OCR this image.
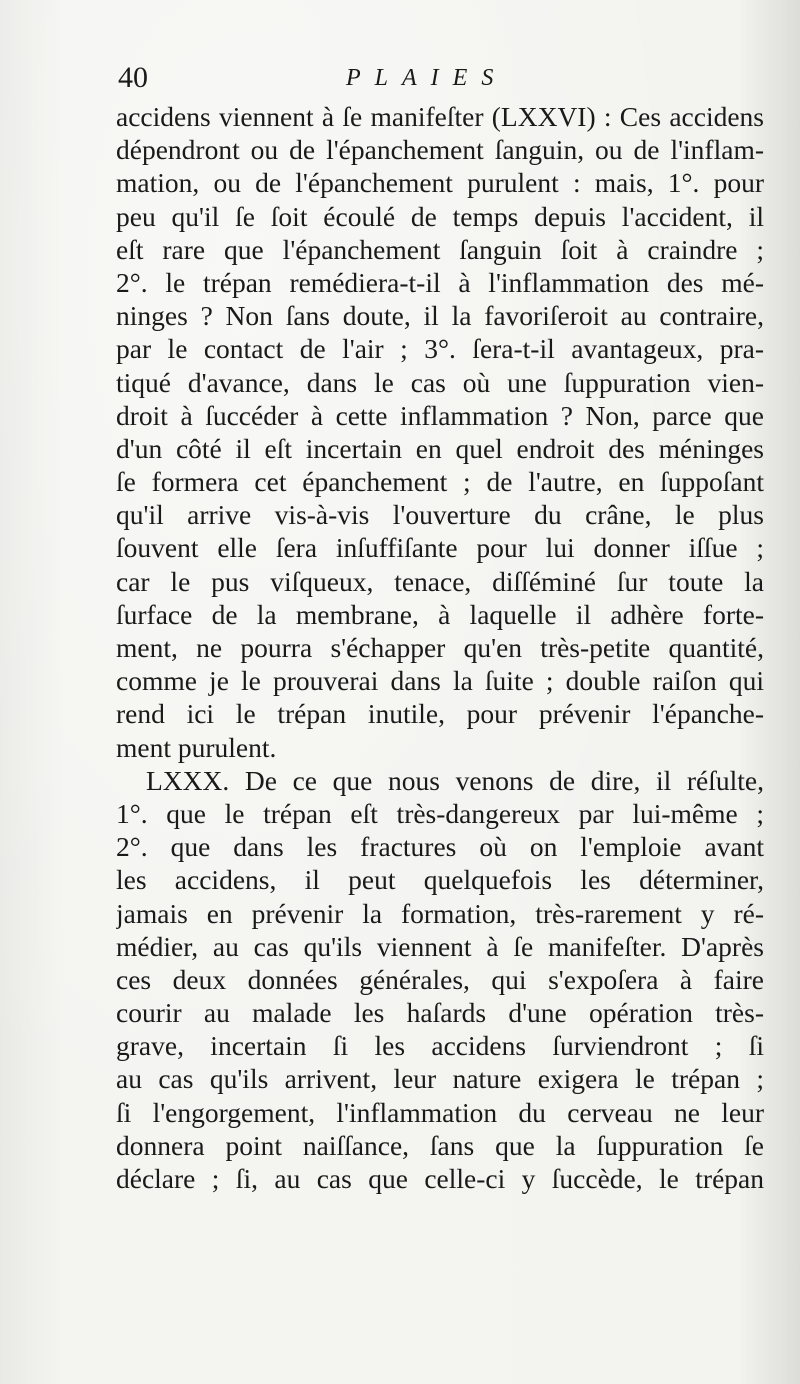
40	PLAIES
accidens viennent à ſe manifeſter (LXXVI) : Ces accidens
dépendront ou de l'épanchement ſanguin, ou de l'inflam-
mation, ou de l'épanchement purulent : mais, 1°. pour
peu qu'il ſe ſoit écoulé de temps depuis l'accident, il
eſt rare que l'épanchement ſanguin ſoit à craindre ;
2°. le trépan remédiera-t-il à l'inflammation des mé-
ninges ? Non ſans doute, il la favoriſeroit au contraire,
par le contact de l'air ; 3°. ſera-t-il avantageux, pra-
tiqué d'avance, dans le cas où une ſuppuration vien-
droit à ſuccéder à cette inflammation ? Non, parce que
d'un côté il eſt incertain en quel endroit des méninges
ſe formera cet épanchement ; de l'autre, en ſuppoſant
qu'il arrive vis-à-vis l'ouverture du crâne, le plus
ſouvent elle ſera inſuffiſante pour lui donner iſſue ;
car le pus viſqueux, tenace, diſſéminé ſur toute la
ſurface de la membrane, à laquelle il adhère forte-
ment, ne pourra s'échapper qu'en très-petite quantité,
comme je le prouverai dans la ſuite ; double raiſon qui
rend ici le trépan inutile, pour prévenir l'épanche-
ment purulent.
LXXX. De ce que nous venons de dire, il réſulte,
1°. que le trépan eſt très-dangereux par lui-même ;
2°. que dans les fractures où on l'emploie avant
les accidens, il peut quelquefois les déterminer,
jamais en prévenir la formation, très-rarement y ré-
médier, au cas qu'ils viennent à ſe manifeſter. D'après
ces deux données générales, qui s'expoſera à faire
courir au malade les haſards d'une opération très-
grave, incertain ſi les accidens ſurviendront ; ſi
au cas qu'ils arrivent, leur nature exigera le trépan ;
ſi l'engorgement, l'inflammation du cerveau ne leur
donnera point naiſſance, ſans que la ſuppuration ſe
déclare ; ſi, au cas que celle-ci y ſuccède, le trépan
